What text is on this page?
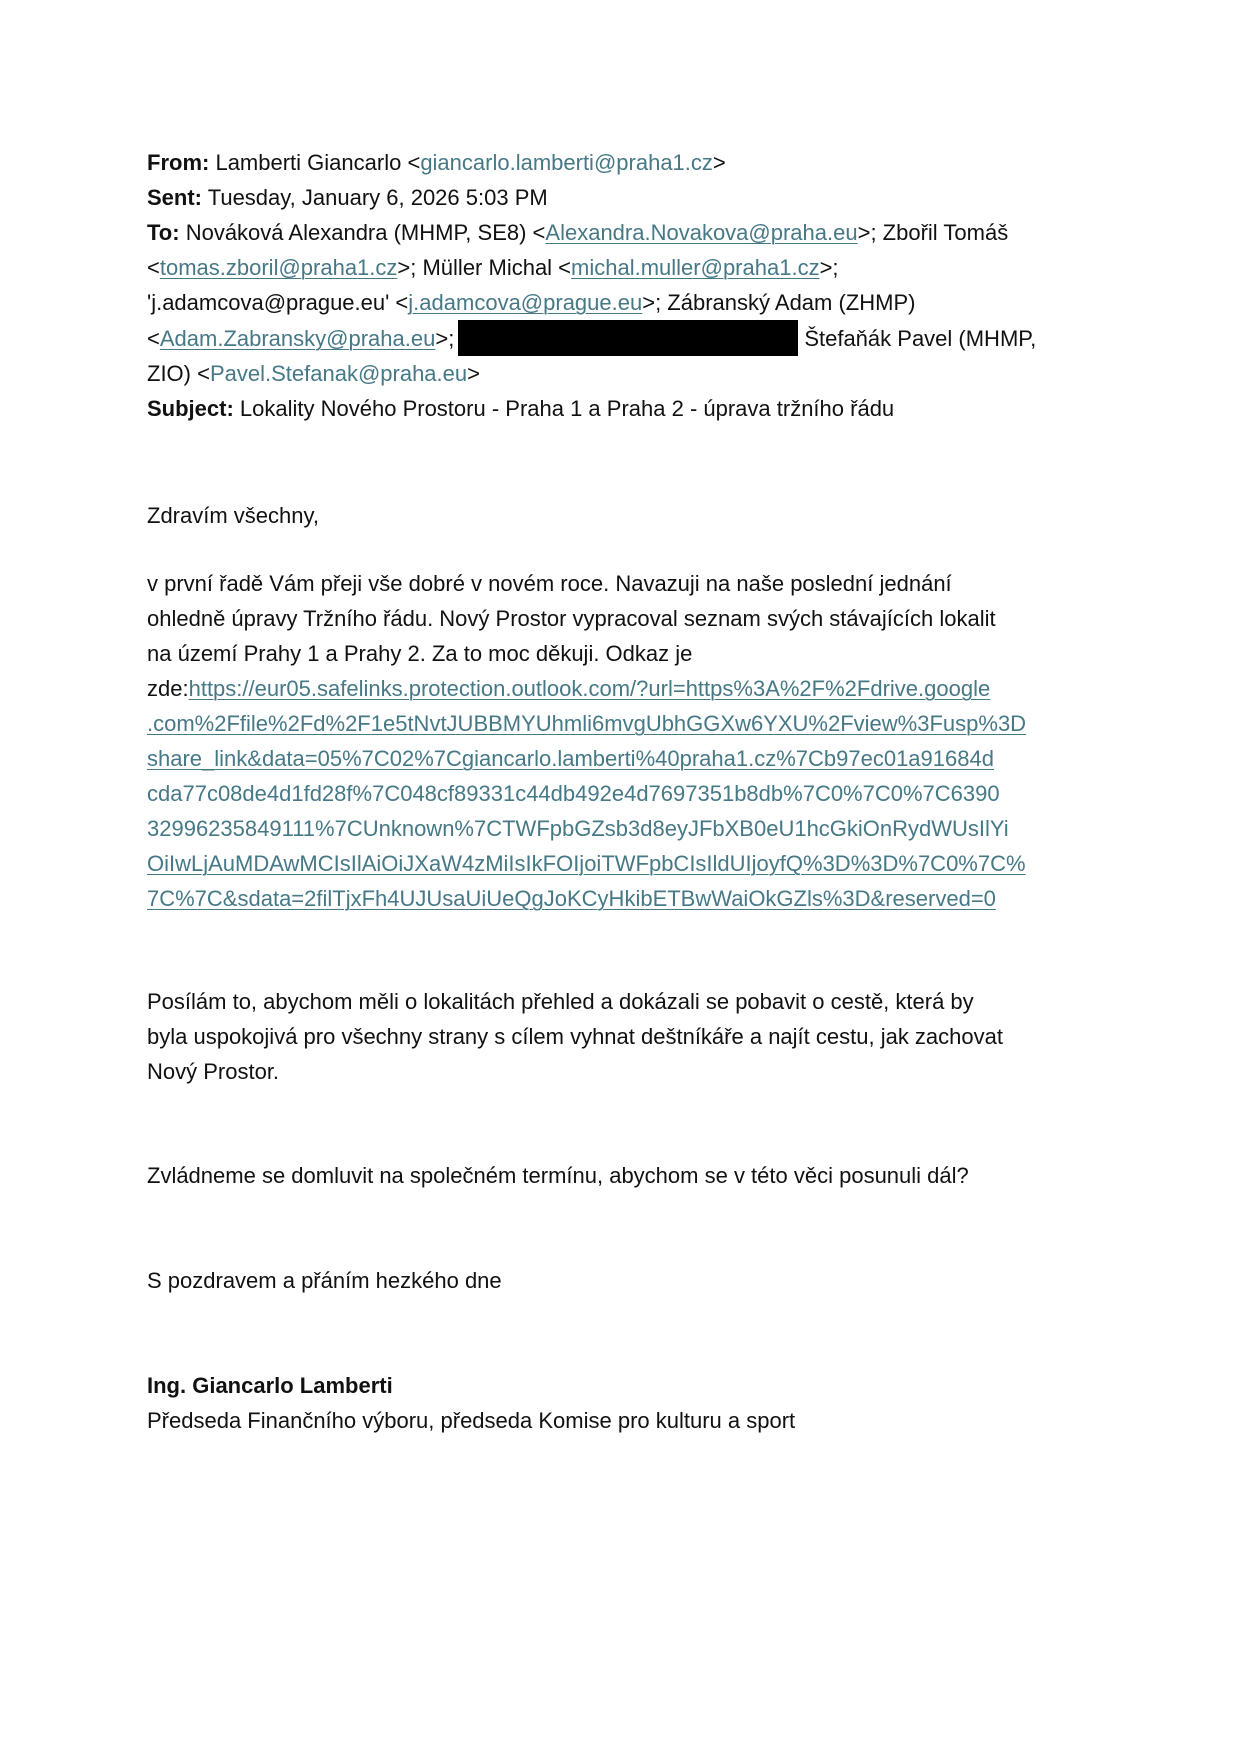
From: Lamberti Giancarlo <giancarlo.lamberti@praha1.cz>
Sent: Tuesday, January 6, 2026 5:03 PM
To: Nováková Alexandra (MHMP, SE8) <Alexandra.Novakova@praha.eu>; Zbořil Tomáš
<tomas.zboril@praha1.cz>; Müller Michal <michal.muller@praha1.cz>;
'j.adamcova@prague.eu' <j.adamcova@prague.eu>; Zábranský Adam (ZHMP)
<Adam.Zabransky@praha.eu>;	Štefaňák Pavel (MHMP,
ZIO) <Pavel.Stefanak@praha.eu>
Subject: Lokality Nového Prostoru - Praha 1 a Praha 2 - úprava tržního řádu

Zdravím všechny,

v první řadě Vám přeji vše dobré v novém roce. Navazuji na naše poslední jednání
ohledně úpravy Tržního řádu. Nový Prostor vypracoval seznam svých stávajících lokalit
na území Prahy 1 a Prahy 2. Za to moc děkuji. Odkaz je
zde:https://eur05.safelinks.protection.outlook.com/?url=https%3A%2F%2Fdrive.google
.com%2Ffile%2Fd%2F1e5tNvtJUBBMYUhmli6mvgUbhGGXw6YXU%2Fview%3Fusp%3D
share_link&data=05%7C02%7Cgiancarlo.lamberti%40praha1.cz%7Cb97ec01a91684d
cda77c08de4d1fd28f%7C048cf89331c44db492e4d7697351b8db%7C0%7C0%7C6390
32996235849111%7CUnknown%7CTWFpbGZsb3d8eyJFbXB0eU1hcGkiOnRydWUsIlYi
OiIwLjAuMDAwMCIsIlAiOiJXaW4zMiIsIkFOIjoiTWFpbCIsIldUIjoyfQ%3D%3D%7C0%7C%
7C%7C&sdata=2filTjxFh4UJUsaUiUeQgJoKCyHkibETBwWaiOkGZls%3D&reserved=0
Posílám to, abychom měli o lokalitách přehled a dokázali se pobavit o cestě, která by
byla uspokojivá pro všechny strany s cílem vyhnat deštníkáře a najít cestu, jak zachovat
Nový Prostor.

Zvládneme se domluvit na společném termínu, abychom se v této věci posunuli dál?

S pozdravem a přáním hezkého dne

Ing. Giancarlo Lamberti
Předseda Finančního výboru, předseda Komise pro kulturu a sport
